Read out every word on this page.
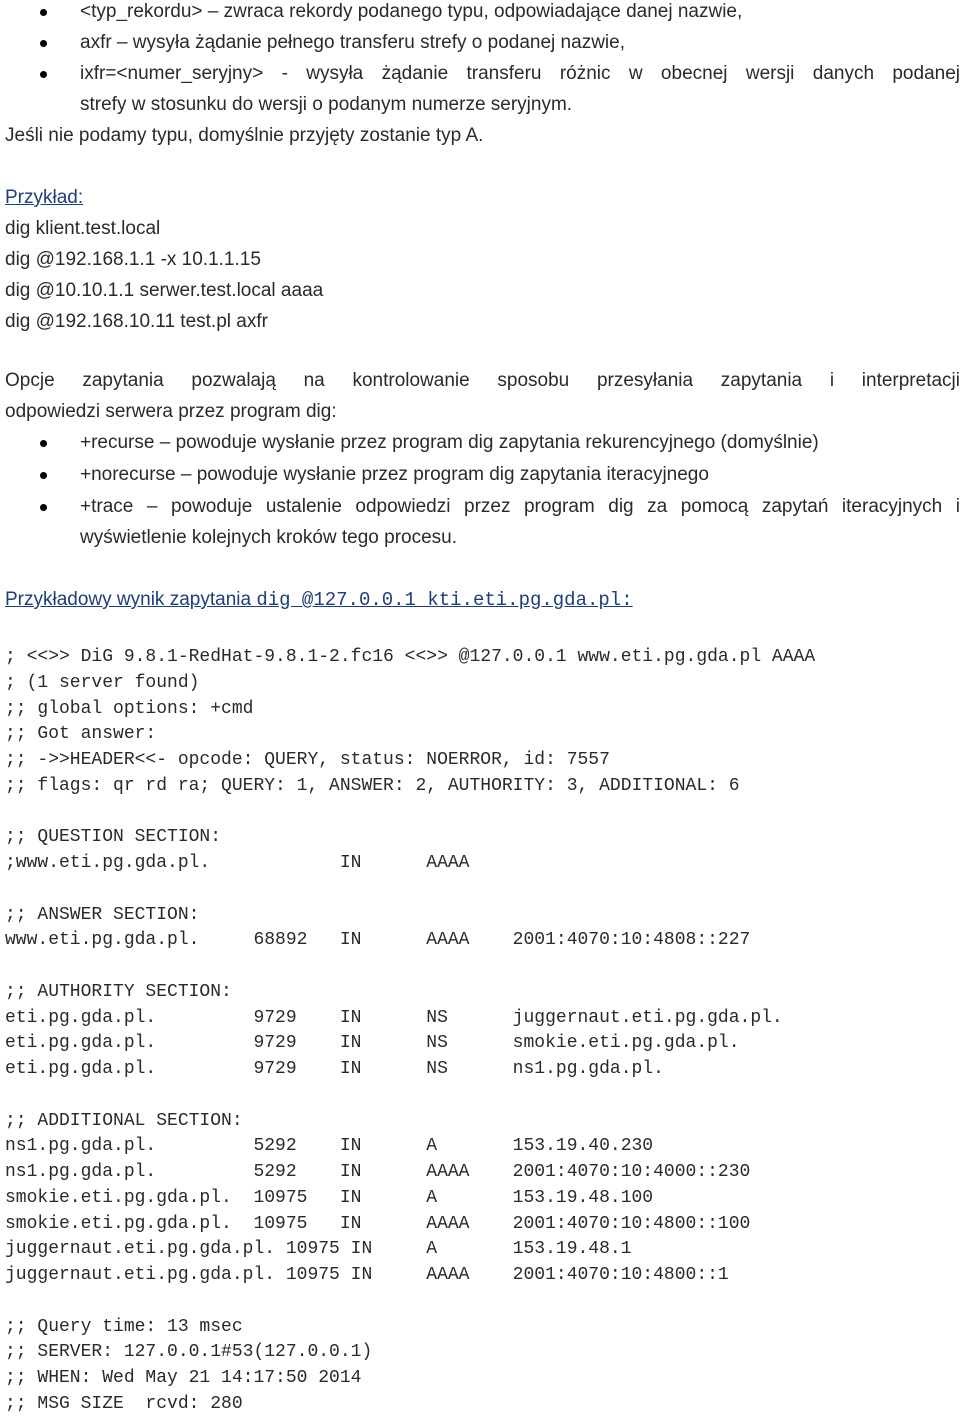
<typ_rekordu> – zwraca rekordy podanego typu, odpowiadające danej nazwie,
axfr – wysyła żądanie pełnego transferu strefy o podanej nazwie,
ixfr=<numer_seryjny> - wysyła żądanie transferu różnic w obecnej wersji danych podanej
strefy w stosunku do wersji o podanym numerze seryjnym.
Jeśli nie podamy typu, domyślnie przyjęty zostanie typ A.
Przykład:
dig klient.test.local
dig @192.168.1.1 -x 10.1.1.15
dig @10.10.1.1 serwer.test.local aaaa
dig @192.168.10.11 test.pl axfr
Opcje zapytania pozwalają na kontrolowanie sposobu przesyłania zapytania i interpretacji
odpowiedzi serwera przez program dig:
+recurse – powoduje wysłanie przez program dig zapytania rekurencyjnego (domyślnie)
+norecurse – powoduje wysłanie przez program dig zapytania iteracyjnego
+trace – powoduje ustalenie odpowiedzi przez program dig za pomocą zapytań iteracyjnych i
wyświetlenie kolejnych kroków tego procesu.
Przykładowy wynik zapytania dig @127.0.0.1 kti.eti.pg.gda.pl:
; <<>> DiG 9.8.1-RedHat-9.8.1-2.fc16 <<>> @127.0.0.1 www.eti.pg.gda.pl AAAA
; (1 server found)
;; global options: +cmd
;; Got answer:
;; ->>HEADER<<- opcode: QUERY, status: NOERROR, id: 7557
;; flags: qr rd ra; QUERY: 1, ANSWER: 2, AUTHORITY: 3, ADDITIONAL: 6
;; QUESTION SECTION:
;www.eti.pg.gda.pl.            IN      AAAA
;; ANSWER SECTION:
www.eti.pg.gda.pl.     68892   IN      AAAA    2001:4070:10:4808::227
;; AUTHORITY SECTION:
eti.pg.gda.pl.         9729    IN      NS      juggernaut.eti.pg.gda.pl.
eti.pg.gda.pl.         9729    IN      NS      smokie.eti.pg.gda.pl.
eti.pg.gda.pl.         9729    IN      NS      ns1.pg.gda.pl.
;; ADDITIONAL SECTION:
ns1.pg.gda.pl.         5292    IN      A       153.19.40.230
ns1.pg.gda.pl.         5292    IN      AAAA    2001:4070:10:4000::230
smokie.eti.pg.gda.pl.  10975   IN      A       153.19.48.100
smokie.eti.pg.gda.pl.  10975   IN      AAAA    2001:4070:10:4800::100
juggernaut.eti.pg.gda.pl. 10975 IN     A       153.19.48.1
juggernaut.eti.pg.gda.pl. 10975 IN     AAAA    2001:4070:10:4800::1
;; Query time: 13 msec
;; SERVER: 127.0.0.1#53(127.0.0.1)
;; WHEN: Wed May 21 14:17:50 2014
;; MSG SIZE  rcvd: 280
